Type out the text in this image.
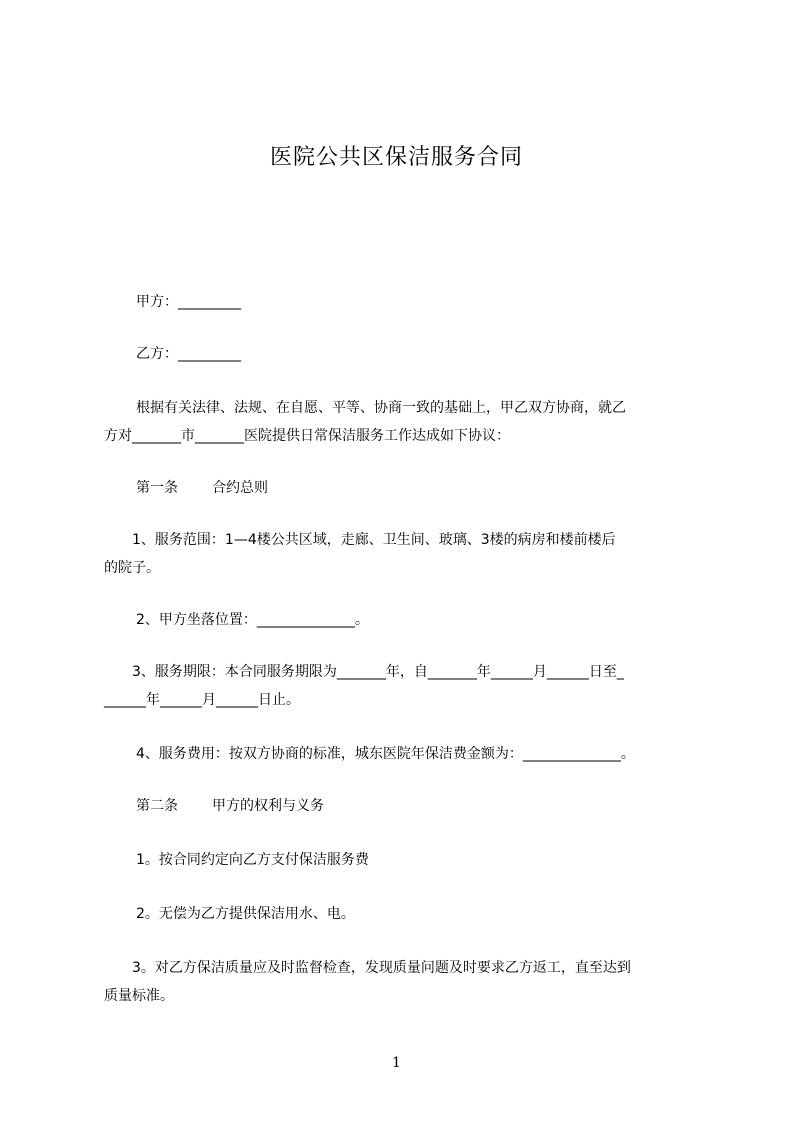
医院公共区保洁服务合同
甲方：_________
乙方：_________
根据有关法律、法规、在自愿、平等、协商一致的基础上，甲乙双方协商，就乙
方对_______市_______医院提供日常保洁服务工作达成如下协议：
第一条 合约总则
1、服务范围：1—4楼公共区域，走廊、卫生间、玻璃、3楼的病房和楼前楼后
的院子。
2、甲方坐落位置：______________。
3、服务期限：本合同服务期限为_______年，自_______年______月______日至_
______年______月______日止。
4、服务费用：按双方协商的标准，城东医院年保洁费金额为：______________。
第二条 甲方的权利与义务
1。按合同约定向乙方支付保洁服务费
2。无偿为乙方提供保洁用水、电。
3。对乙方保洁质量应及时监督检查，发现质量问题及时要求乙方返工，直至达到
质量标准。
1
